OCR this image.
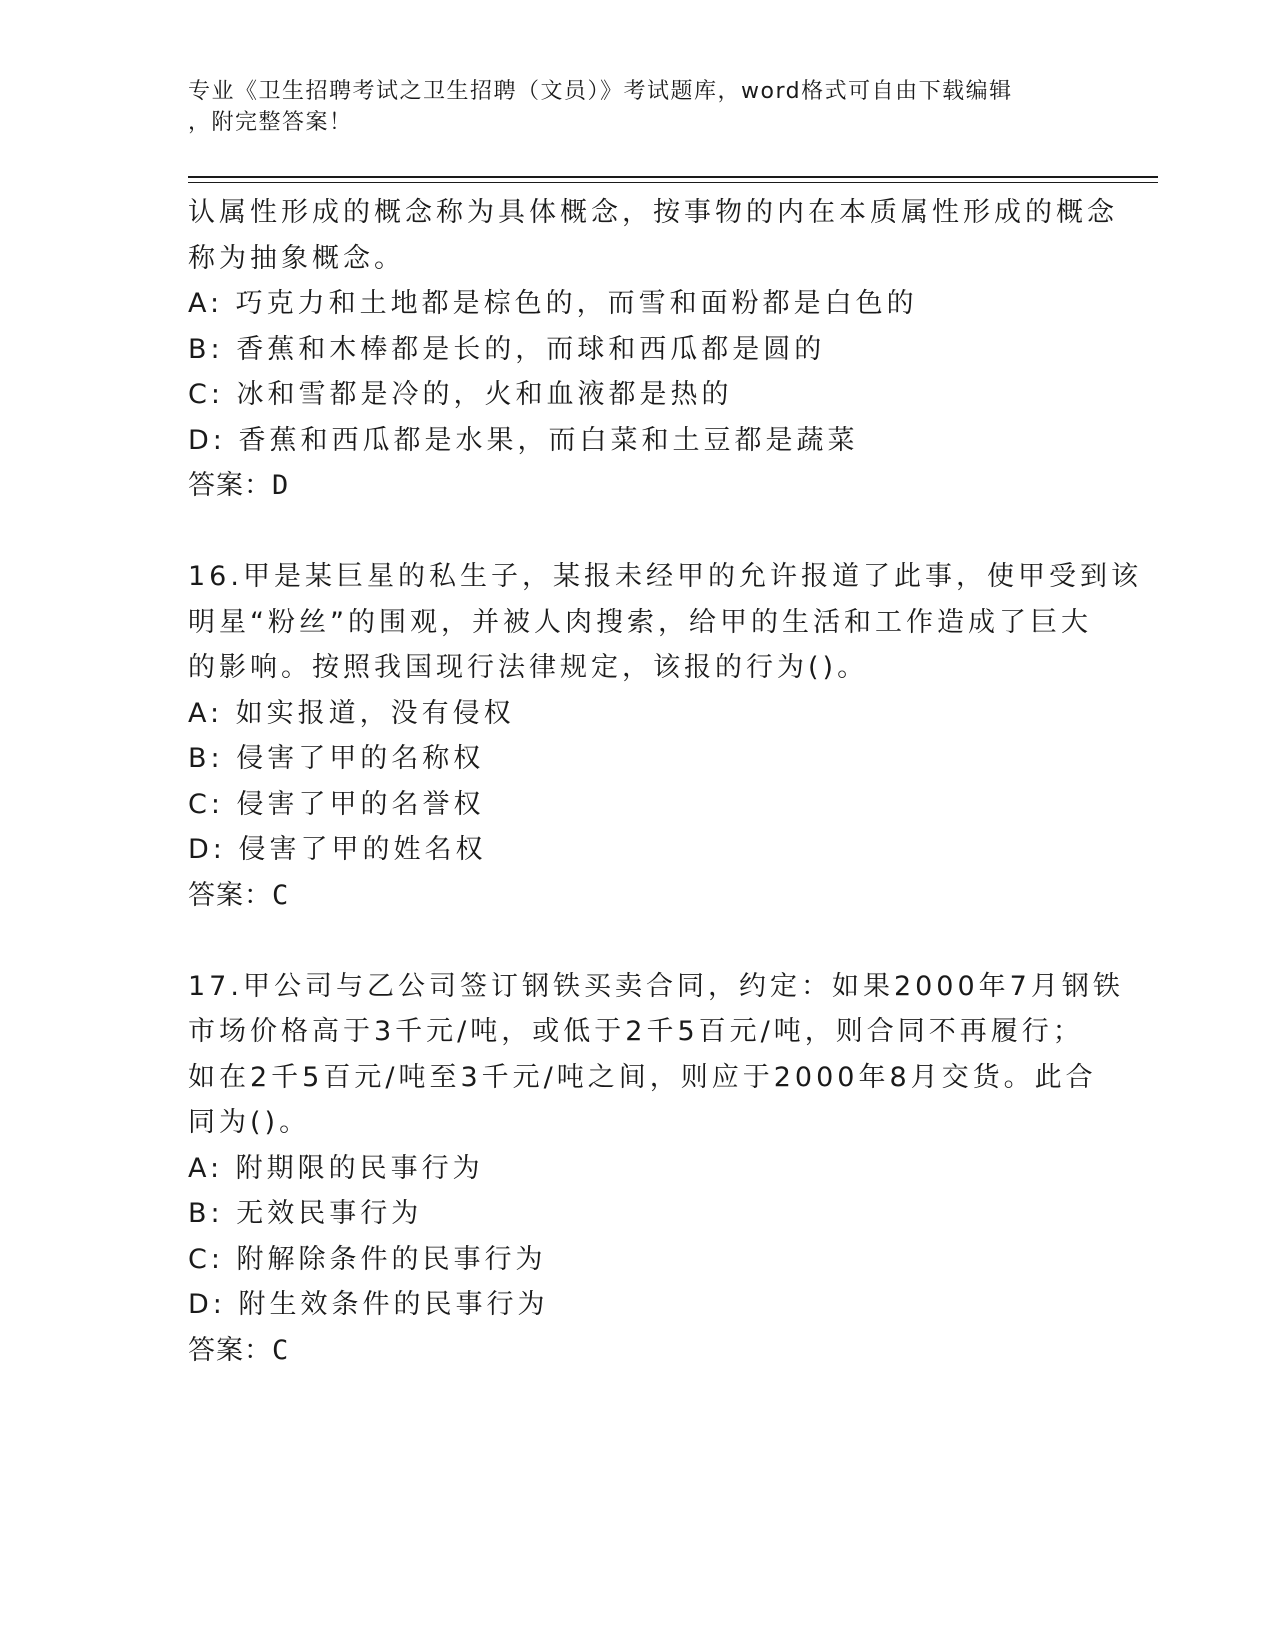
专业《卫生招聘考试之卫生招聘（文员）》考试题库，word格式可自由下载编辑
，附完整答案！
认属性形成的概念称为具体概念，按事物的内在本质属性形成的概念
称为抽象概念。
A: 巧克力和土地都是棕色的，而雪和面粉都是白色的
B: 香蕉和木棒都是长的，而球和西瓜都是圆的
C: 冰和雪都是冷的，火和血液都是热的
D: 香蕉和西瓜都是水果，而白菜和土豆都是蔬菜
答案：D
16.甲是某巨星的私生子，某报未经甲的允许报道了此事，使甲受到该
明星“粉丝”的围观，并被人肉搜索，给甲的生活和工作造成了巨大
的影响。按照我国现行法律规定，该报的行为()。
A: 如实报道，没有侵权
B: 侵害了甲的名称权
C: 侵害了甲的名誉权
D: 侵害了甲的姓名权
答案：C
17.甲公司与乙公司签订钢铁买卖合同，约定：如果2000年7月钢铁
市场价格高于3千元/吨，或低于2千5百元/吨，则合同不再履行；
如在2千5百元/吨至3千元/吨之间，则应于2000年8月交货。此合
同为()。
A: 附期限的民事行为
B: 无效民事行为
C: 附解除条件的民事行为
D: 附生效条件的民事行为
答案：C
